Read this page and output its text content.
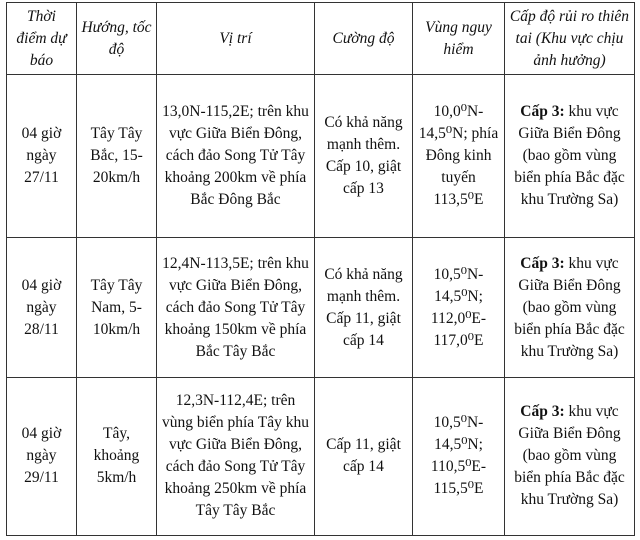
Thời điểm dự báo	Hướng, tốc độ	Vị trí	Cường độ	Vùng nguy hiểm	Cấp độ rủi ro thiên tai (Khu vực chịu ảnh hưởng)
04 giờ ngày 27/11	Tây Tây Bắc, 15-20km/h	13,0N-115,2E; trên khu vực Giữa Biển Đông, cách đảo Song Tử Tây khoảng 200km về phía Bắc Đông Bắc	Có khả năng mạnh thêm. Cấp 10, giật cấp 13	10,0⁰N-14,5⁰N; phía Đông kinh tuyến 113,5⁰E	Cấp 3: khu vực Giữa Biển Đông (bao gồm vùng biển phía Bắc đặc khu Trường Sa)
04 giờ ngày 28/11	Tây Tây Nam, 5-10km/h	12,4N-113,5E; trên khu vực Giữa Biển Đông, cách đảo Song Tử Tây khoảng 150km về phía Bắc Tây Bắc	Có khả năng mạnh thêm. Cấp 11, giật cấp 14	10,5⁰N-14,5⁰N; 112,0⁰E-117,0⁰E	Cấp 3: khu vực Giữa Biển Đông (bao gồm vùng biển phía Bắc đặc khu Trường Sa)
04 giờ ngày 29/11	Tây, khoảng 5km/h	12,3N-112,4E; trên vùng biển phía Tây khu vực Giữa Biển Đông, cách đảo Song Tử Tây khoảng 250km về phía Tây Tây Bắc	Cấp 11, giật cấp 14	10,5⁰N-14,5⁰N; 110,5⁰E-115,5⁰E	Cấp 3: khu vực Giữa Biển Đông (bao gồm vùng biển phía Bắc đặc khu Trường Sa)
